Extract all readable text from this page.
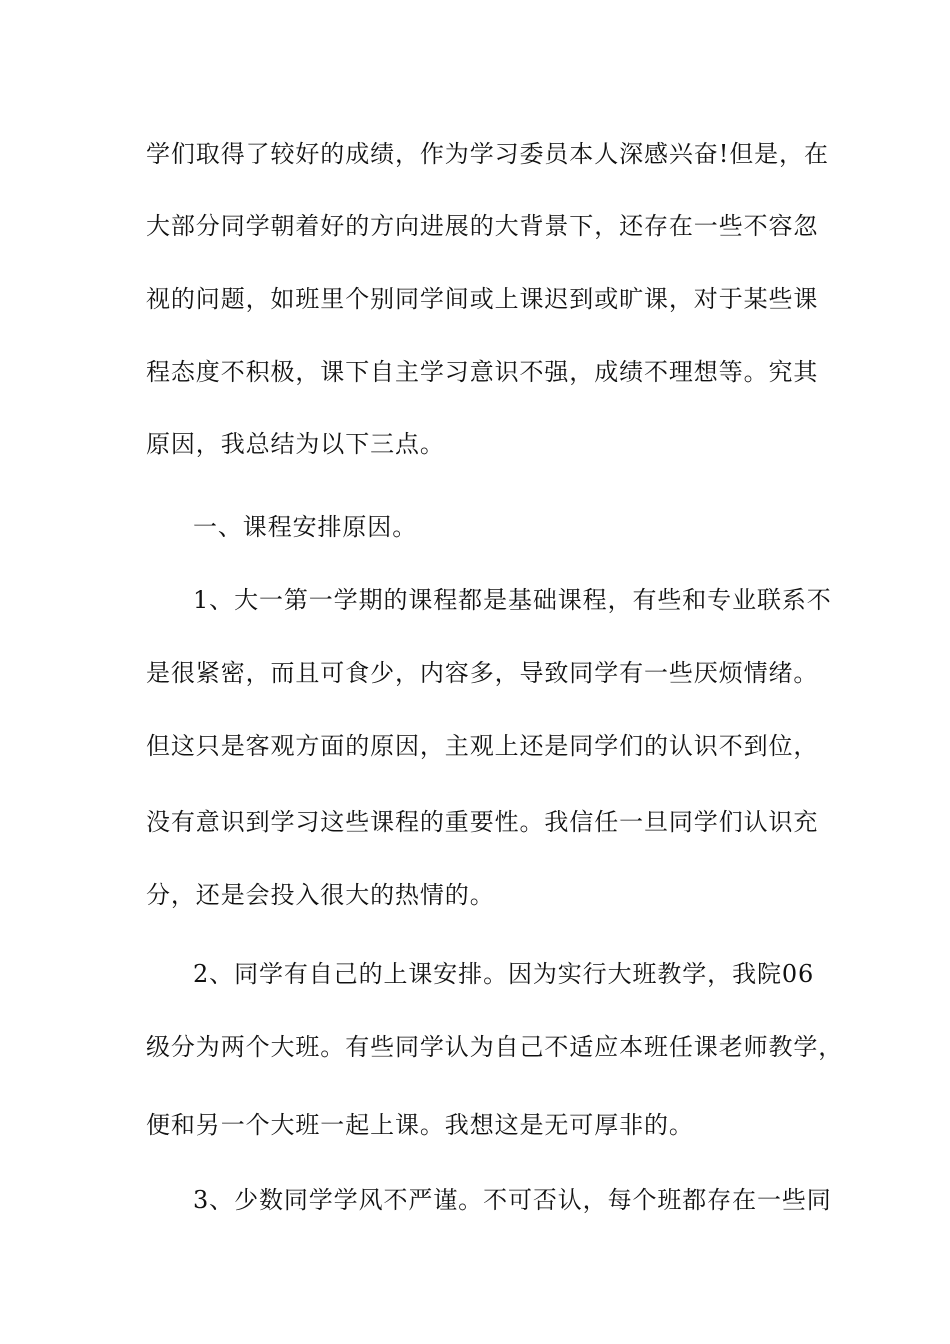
学们取得了较好的成绩，作为学习委员本人深感兴奋!但是，在
大部分同学朝着好的方向进展的大背景下，还存在一些不容忽
视的问题，如班里个别同学间或上课迟到或旷课，对于某些课
程态度不积极，课下自主学习意识不强，成绩不理想等。究其
原因，我总结为以下三点。
一、课程安排原因。
1、大一第一学期的课程都是基础课程，有些和专业联系不
是很紧密，而且可食少，内容多，导致同学有一些厌烦情绪。
但这只是客观方面的原因，主观上还是同学们的认识不到位，
没有意识到学习这些课程的重要性。我信任一旦同学们认识充
分，还是会投入很大的热情的。
2、同学有自己的上课安排。因为实行大班教学，我院06
级分为两个大班。有些同学认为自己不适应本班任课老师教学，
便和另一个大班一起上课。我想这是无可厚非的。
3、少数同学学风不严谨。不可否认，每个班都存在一些同
